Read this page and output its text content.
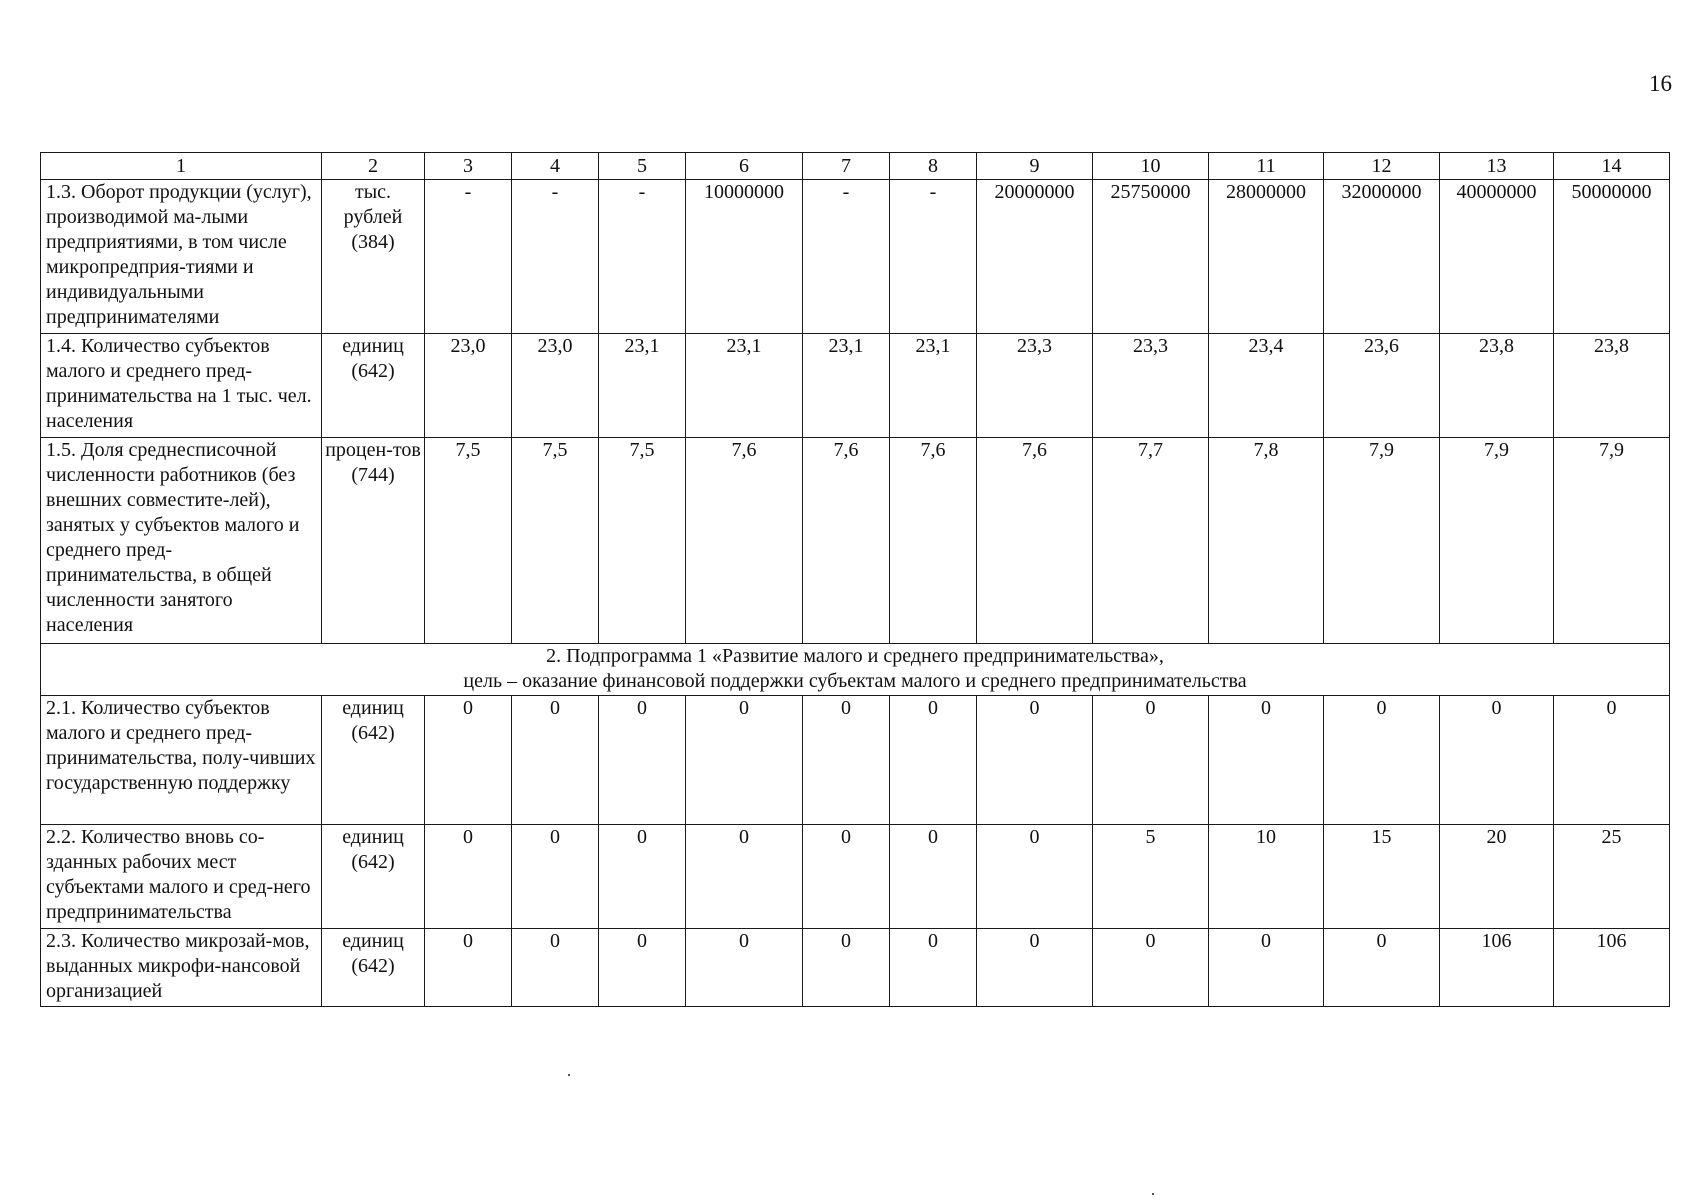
16
1	2	3	4	5	6	7	8	9	10	11	12	13	14
1.3. Оборот продукции (услуг), производимой ма-лыми предприятиями, в том числе микропредприя-тиями и индивидуальными предпринимателями	тыс. рублей (384)	-	-	-	10000000	-	-	20000000	25750000	28000000	32000000	40000000	50000000
1.4. Количество субъектов малого и среднего пред-принимательства на 1 тыс. чел. населения	единиц (642)	23,0	23,0	23,1	23,1	23,1	23,1	23,3	23,3	23,4	23,6	23,8	23,8
1.5. Доля среднесписочной численности работников (без внешних совместите-лей), занятых у субъектов малого и среднего пред-принимательства, в общей численности занятого населения	процен-тов (744)	7,5	7,5	7,5	7,6	7,6	7,6	7,6	7,7	7,8	7,9	7,9	7,9

2. Подпрограмма 1 «Развитие малого и среднего предпринимательства»,
цель – оказание финансовой поддержки субъектам малого и среднего предпринимательства													

2.1. Количество субъектов малого и среднего пред-принимательства, полу-чивших государственную поддержку	единиц (642)	0	0	0	0	0	0	0	0	0	0	0	0
2.2. Количество вновь со-зданных рабочих мест субъектами малого и сред-него предпринимательства	единиц (642)	0	0	0	0	0	0	0	5	10	15	20	25
2.3. Количество микрозай-мов, выданных микрофи-нансовой организацией	единиц (642)	0	0	0	0	0	0	0	0	0	0	106	106
